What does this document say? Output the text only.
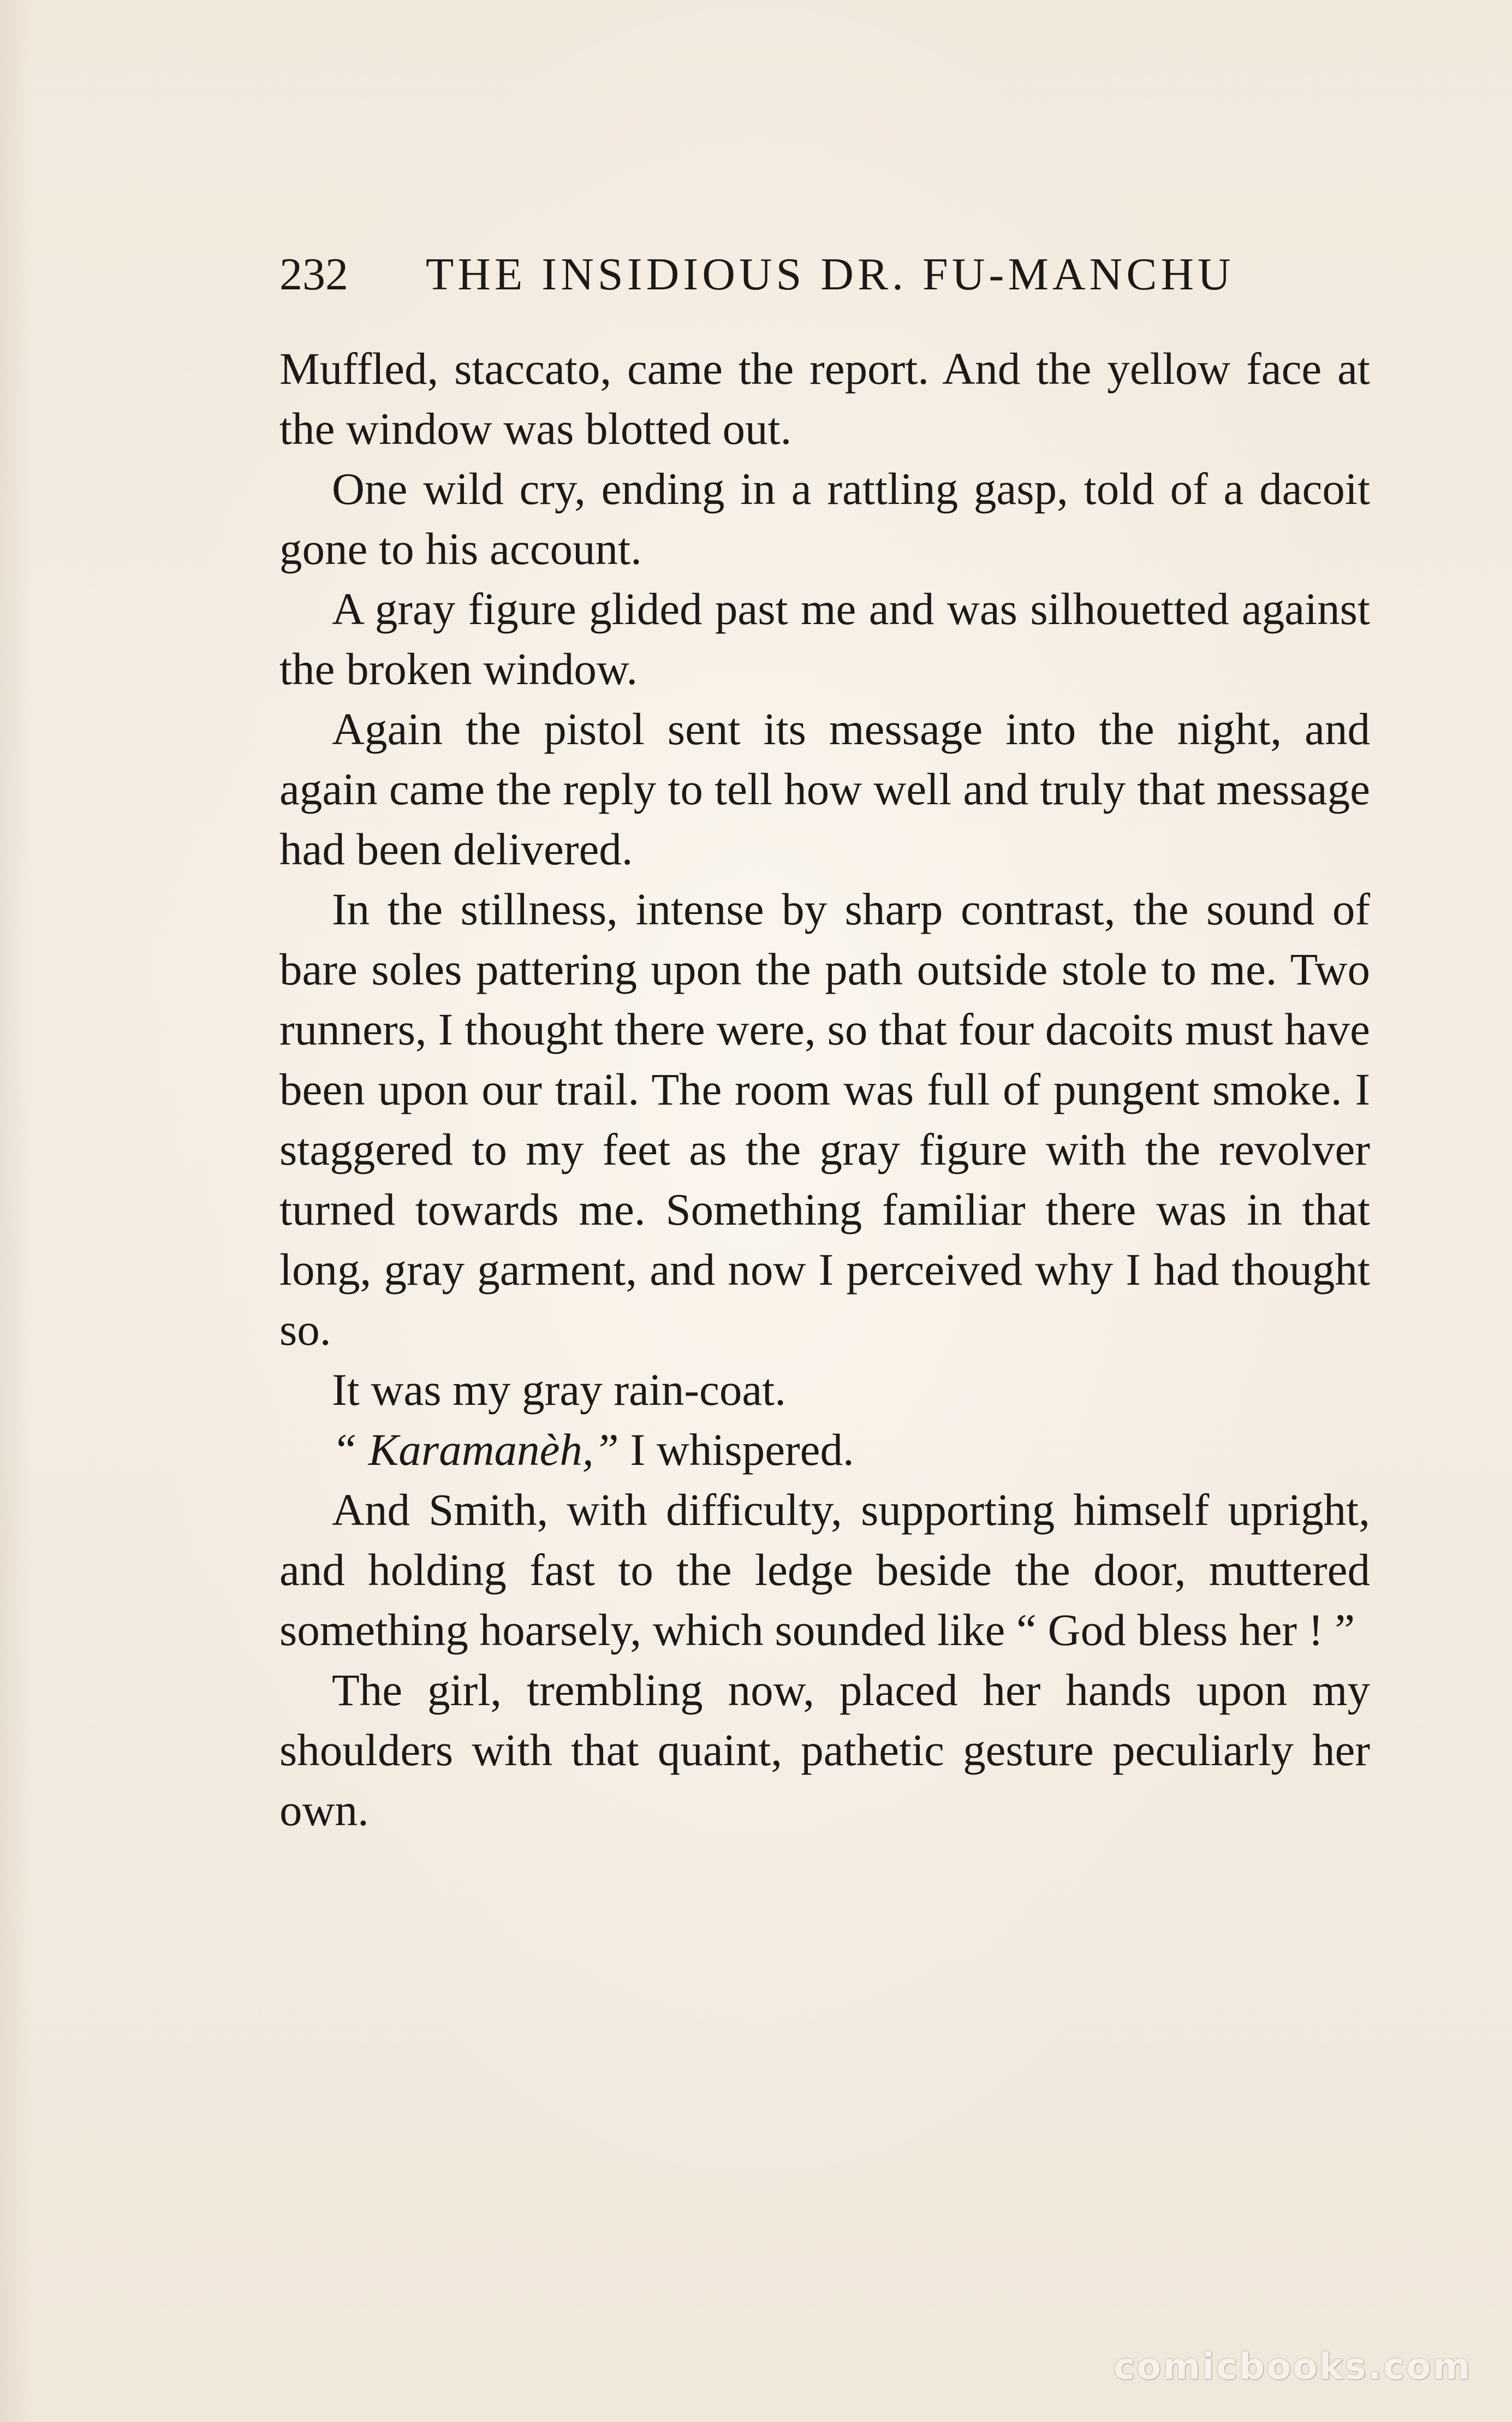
232 THE INSIDIOUS DR. FU-MANCHU

Muffled, staccato, came the report. And the yellow face at the window was blotted out.

One wild cry, ending in a rattling gasp, told of a dacoit gone to his account.

A gray figure glided past me and was silhouetted against the broken window.

Again the pistol sent its message into the night, and again came the reply to tell how well and truly that message had been delivered.

In the stillness, intense by sharp contrast, the sound of bare soles pattering upon the path outside stole to me. Two runners, I thought there were, so that four dacoits must have been upon our trail. The room was full of pungent smoke. I staggered to my feet as the gray figure with the revolver turned towards me. Something familiar there was in that long, gray garment, and now I perceived why I had thought so.

It was my gray rain-coat.

“ Karamanèh,” I whispered.

And Smith, with difficulty, supporting himself upright, and holding fast to the ledge beside the door, muttered something hoarsely, which sounded like “ God bless her ! ”

The girl, trembling now, placed her hands upon my shoulders with that quaint, pathetic gesture peculiarly her own.

comicbooks.com
